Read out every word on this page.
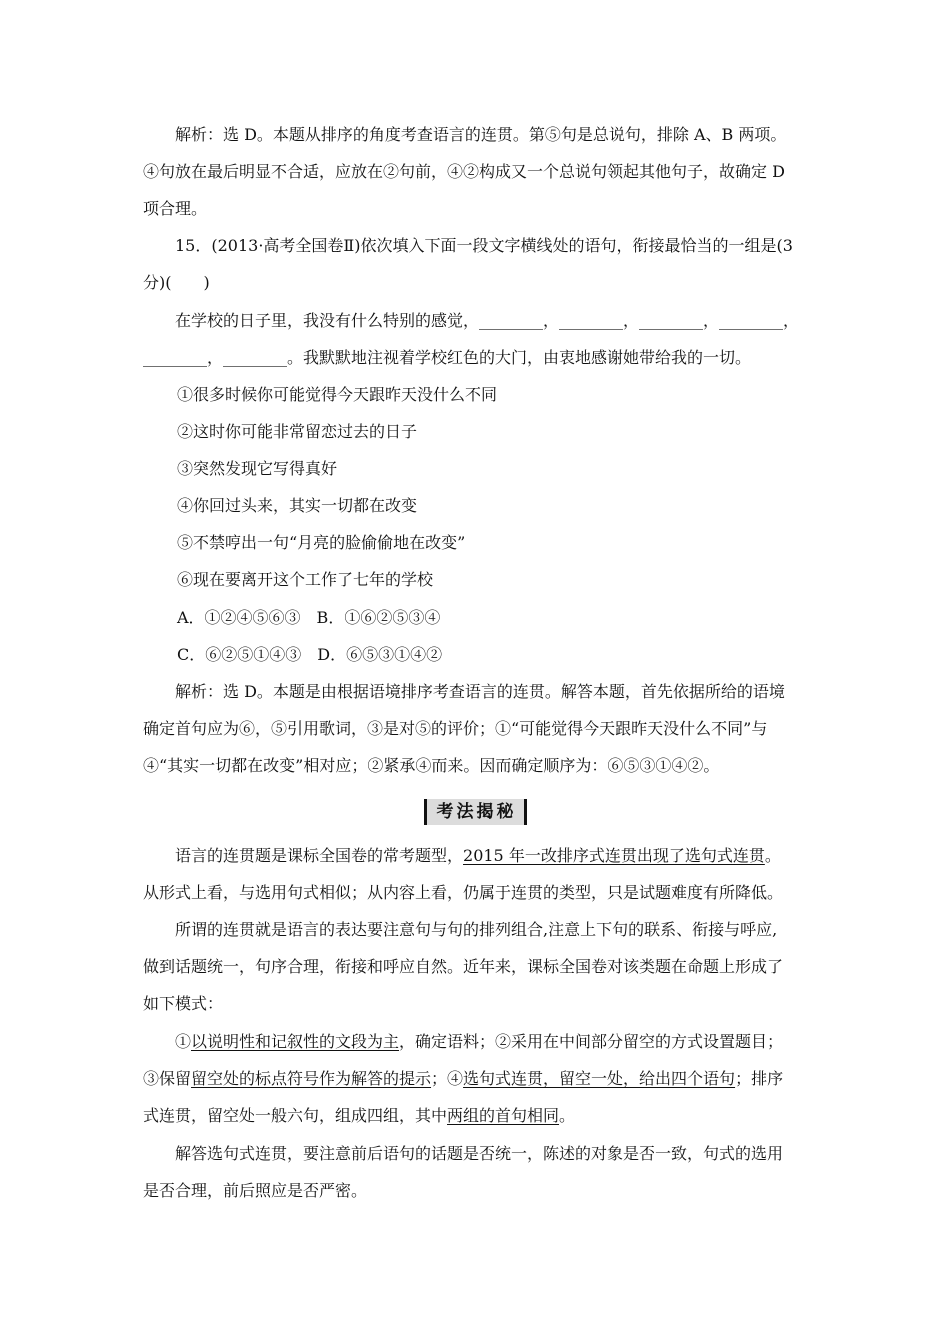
解析：选 D。本题从排序的角度考查语言的连贯。第⑤句是总说句，排除 A、B 两项。
④句放在最后明显不合适，应放在②句前，④②构成又一个总说句领起其他句子，故确定 D
项合理。

15．(2013·高考全国卷Ⅱ)依次填入下面一段文字横线处的语句，衔接最恰当的一组是(3
分)(　　)

在学校的日子里，我没有什么特别的感觉，________，________，________，________，
________，________。我默默地注视着学校红色的大门，由衷地感谢她带给我的一切。

①很多时候你可能觉得今天跟昨天没什么不同

②这时你可能非常留恋过去的日子

③突然发现它写得真好

④你回过头来，其实一切都在改变

⑤不禁哼出一句“月亮的脸偷偷地在改变”

⑥现在要离开这个工作了七年的学校

A．①②④⑤⑥③　B．①⑥②⑤③④

C．⑥②⑤①④③　D．⑥⑤③①④②

解析：选 D。本题是由根据语境排序考查语言的连贯。解答本题，首先依据所给的语境
确定首句应为⑥，⑤引用歌词，③是对⑤的评价；①“可能觉得今天跟昨天没什么不同”与
④“其实一切都在改变”相对应；②紧承④而来。因而确定顺序为：⑥⑤③①④②。

考法揭秘

语言的连贯题是课标全国卷的常考题型，2015 年一改排序式连贯出现了选句式连贯。
从形式上看，与选用句式相似；从内容上看，仍属于连贯的类型，只是试题难度有所降低。

所谓的连贯就是语言的表达要注意句与句的排列组合,注意上下句的联系、衔接与呼应,
做到话题统一，句序合理，衔接和呼应自然。近年来，课标全国卷对该类题在命题上形成了
如下模式：

①以说明性和记叙性的文段为主，确定语料；②采用在中间部分留空的方式设置题目；
③保留留空处的标点符号作为解答的提示；④选句式连贯，留空一处，给出四个语句；排序
式连贯，留空处一般六句，组成四组，其中两组的首句相同。

解答选句式连贯，要注意前后语句的话题是否统一，陈述的对象是否一致，句式的选用
是否合理，前后照应是否严密。
